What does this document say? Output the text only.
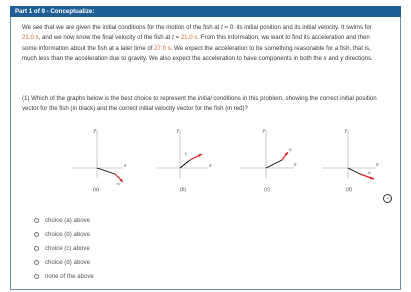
Part 1 of 9 - Conceptualize:

We see that we are given the initial conditions for the motion of the fish at t = 0: its initial position and its initial velocity. It swims for 21.0 s, and we now know the final velocity of the fish at t = 21.0 s. From this information, we want to find its acceleration and then some information about the fish at a later time of 27.0 s. We expect the acceleration to be something reasonable for a fish, that is, much less than the acceleration due to gravity. We also expect the acceleration to have components in both the x and y directions.

(1) Which of the graphs below is the best choice to represent the initial conditions in this problem, showing the correct initial position vector for the fish (in black) and the correct initial velocity vector for the fish (in red)?

y
x
vᵢ
(a)
y
x
rᵢ
(b)
y
x
vᵢ
(c)
y
x
vᵢ
(d)
−
choice (a) above
choice (b) above
choice (c) above
choice (d) above
none of the above
